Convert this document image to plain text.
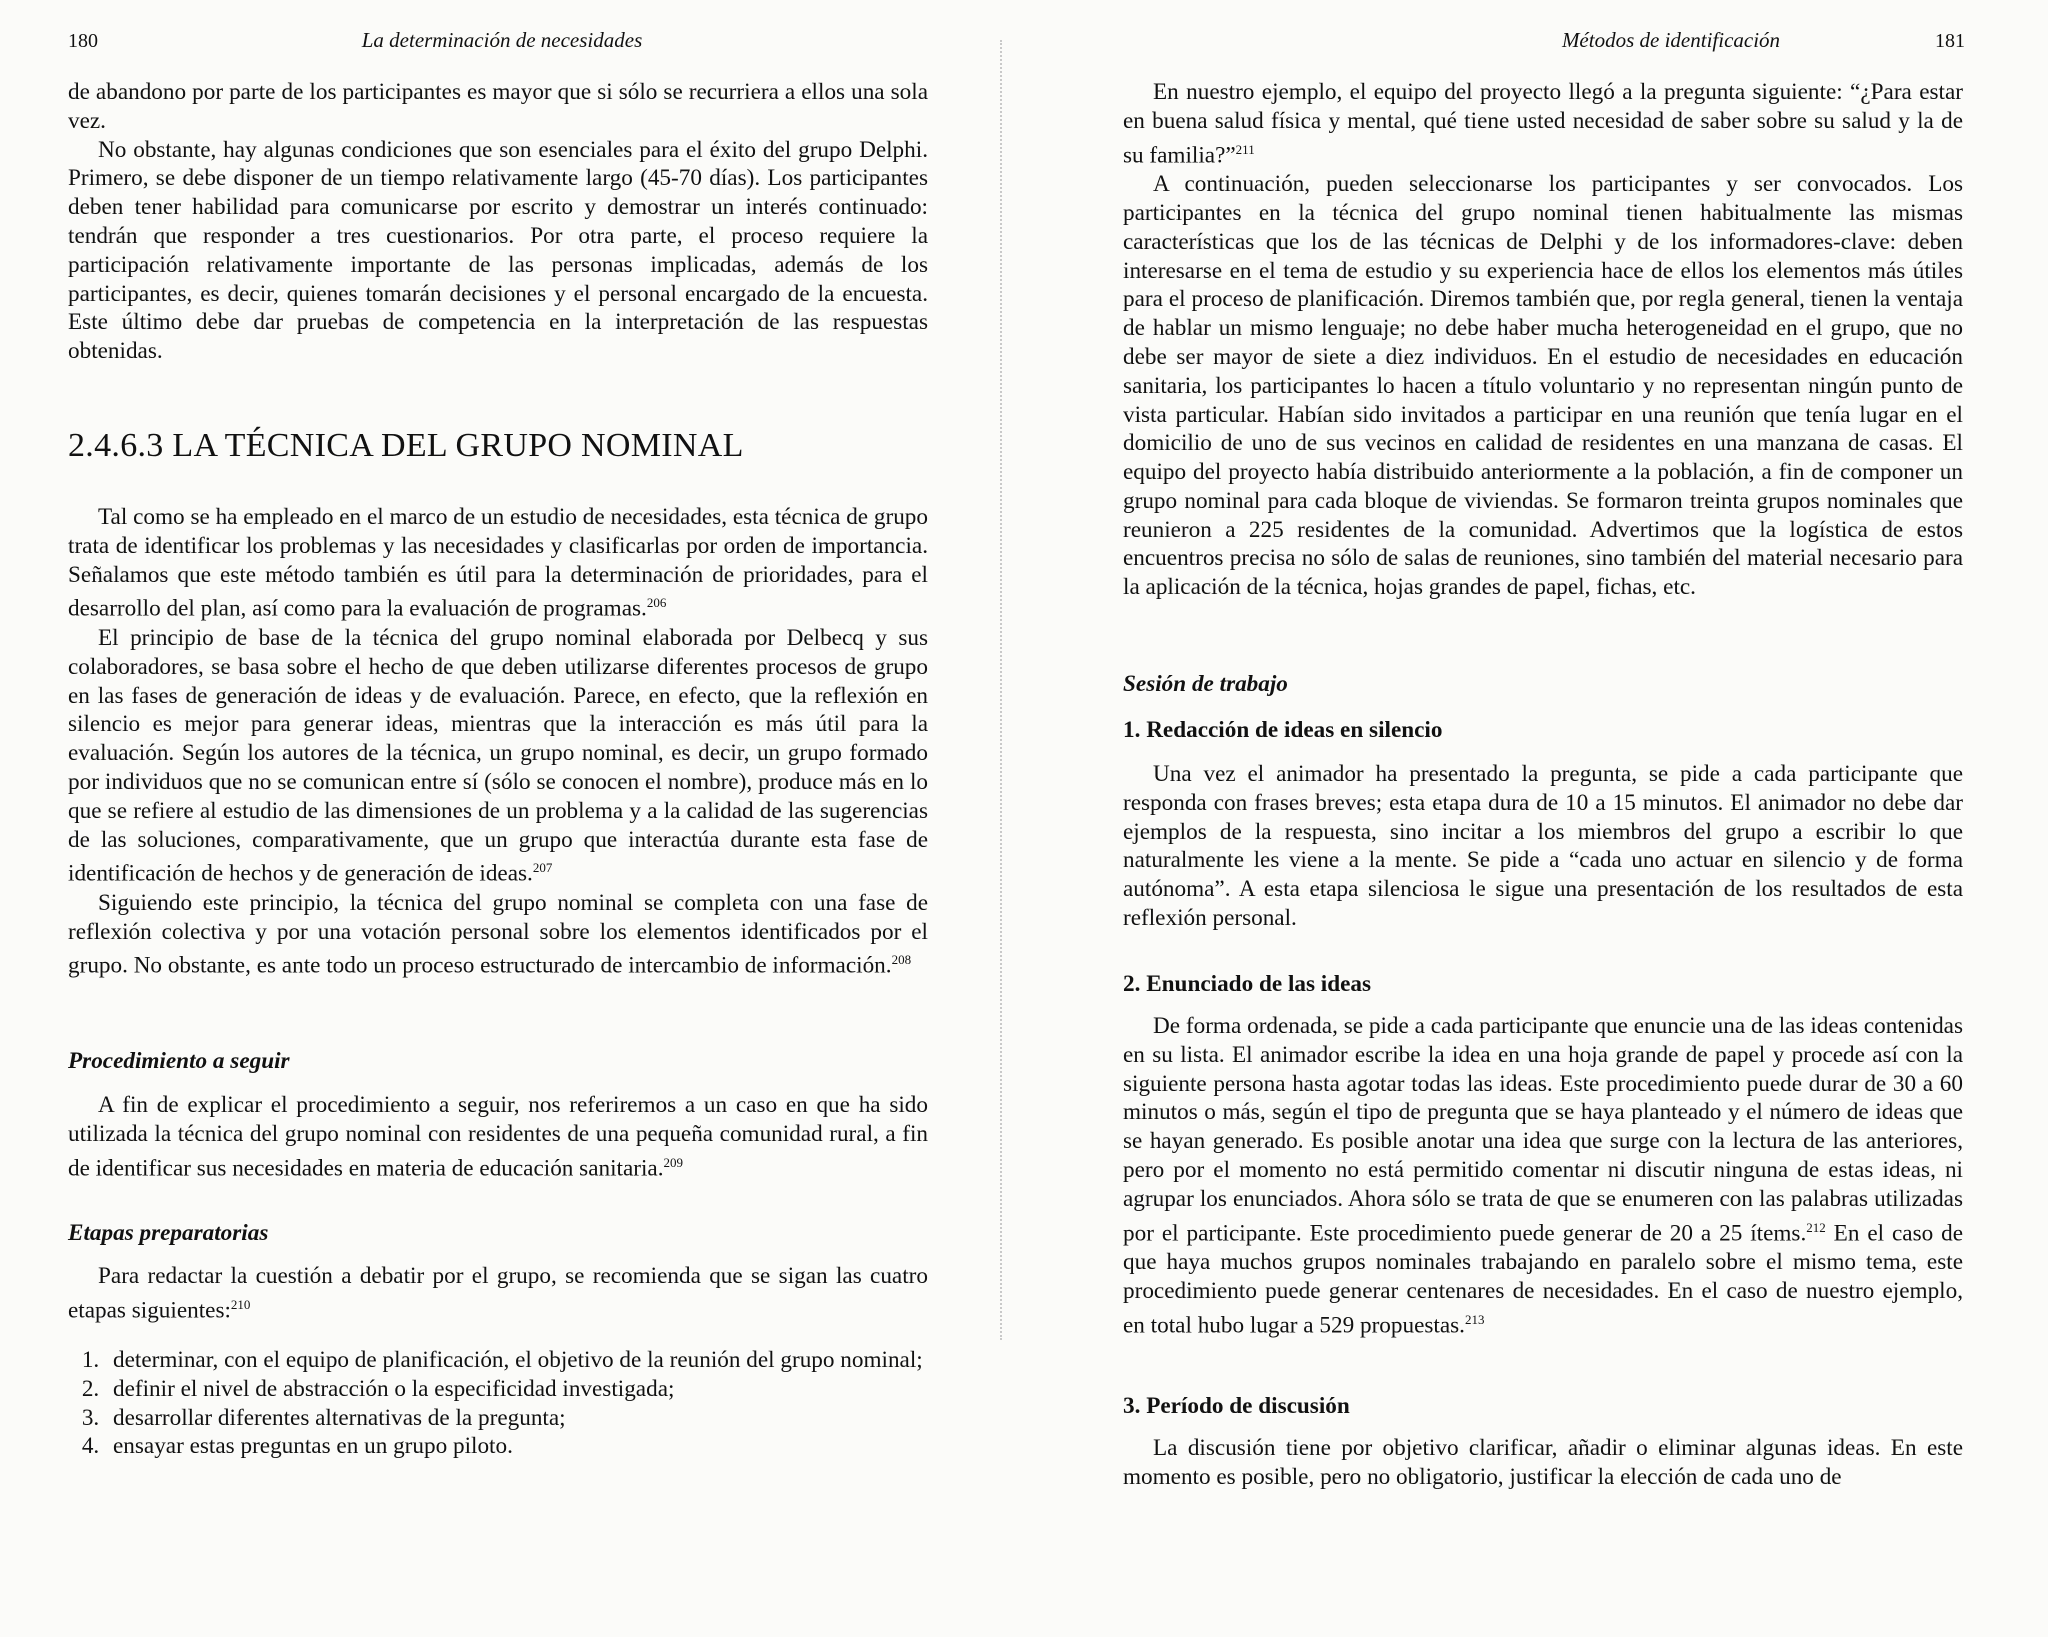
180	La determinación de necesidades

de abandono por parte de los participantes es mayor que si sólo se recurriera a ellos una sola vez.

No obstante, hay algunas condiciones que son esenciales para el éxito del grupo Delphi. Primero, se debe disponer de un tiempo relativamente largo (45-70 días). Los participantes deben tener habilidad para comunicarse por escrito y demostrar un interés continuado: tendrán que responder a tres cuestionarios. Por otra parte, el proceso requiere la participación relativamente importante de las personas implicadas, además de los participantes, es decir, quienes tomarán decisiones y el personal encargado de la encuesta. Este último debe dar pruebas de competencia en la interpretación de las respuestas obtenidas.

2.4.6.3 LA TÉCNICA DEL GRUPO NOMINAL

Tal como se ha empleado en el marco de un estudio de necesidades, esta técnica de grupo trata de identificar los problemas y las necesidades y clasificarlas por orden de importancia. Señalamos que este método también es útil para la determinación de prioridades, para el desarrollo del plan, así como para la evaluación de programas.$^{206}$

El principio de base de la técnica del grupo nominal elaborada por Delbecq y sus colaboradores, se basa sobre el hecho de que deben utilizarse diferentes procesos de grupo en las fases de generación de ideas y de evaluación. Parece, en efecto, que la reflexión en silencio es mejor para generar ideas, mientras que la interacción es más útil para la evaluación. Según los autores de la técnica, un grupo nominal, es decir, un grupo formado por individuos que no se comunican entre sí (sólo se conocen el nombre), produce más en lo que se refiere al estudio de las dimensiones de un problema y a la calidad de las sugerencias de las soluciones, comparativamente, que un grupo que interactúa durante esta fase de identificación de hechos y de generación de ideas.$^{207}$

Siguiendo este principio, la técnica del grupo nominal se completa con una fase de reflexión colectiva y por una votación personal sobre los elementos identificados por el grupo. No obstante, es ante todo un proceso estructurado de intercambio de información.$^{208}$

Procedimiento a seguir

A fin de explicar el procedimiento a seguir, nos referiremos a un caso en que ha sido utilizada la técnica del grupo nominal con residentes de una pequeña comunidad rural, a fin de identificar sus necesidades en materia de educación sanitaria.$^{209}$

Etapas preparatorias

Para redactar la cuestión a debatir por el grupo, se recomienda que se sigan las cuatro etapas siguientes:$^{210}$

1. determinar, con el equipo de planificación, el objetivo de la reunión del grupo nominal;
2. definir el nivel de abstracción o la especificidad investigada;
3. desarrollar diferentes alternativas de la pregunta;
4. ensayar estas preguntas en un grupo piloto.
Métodos de identificación	181

En nuestro ejemplo, el equipo del proyecto llegó a la pregunta siguiente: “¿Para estar en buena salud física y mental, qué tiene usted necesidad de saber sobre su salud y la de su familia?”$^{211}$

A continuación, pueden seleccionarse los participantes y ser convocados. Los participantes en la técnica del grupo nominal tienen habitualmente las mismas características que los de las técnicas de Delphi y de los informadores-clave: deben interesarse en el tema de estudio y su experiencia hace de ellos los elementos más útiles para el proceso de planificación. Diremos también que, por regla general, tienen la ventaja de hablar un mismo lenguaje; no debe haber mucha heterogeneidad en el grupo, que no debe ser mayor de siete a diez individuos. En el estudio de necesidades en educación sanitaria, los participantes lo hacen a título voluntario y no representan ningún punto de vista particular. Habían sido invitados a participar en una reunión que tenía lugar en el domicilio de uno de sus vecinos en calidad de residentes en una manzana de casas. El equipo del proyecto había distribuido anteriormente a la población, a fin de componer un grupo nominal para cada bloque de viviendas. Se formaron treinta grupos nominales que reunieron a 225 residentes de la comunidad. Advertimos que la logística de estos encuentros precisa no sólo de salas de reuniones, sino también del material necesario para la aplicación de la técnica, hojas grandes de papel, fichas, etc.

Sesión de trabajo
1. Redacción de ideas en silencio

Una vez el animador ha presentado la pregunta, se pide a cada participante que responda con frases breves; esta etapa dura de 10 a 15 minutos. El animador no debe dar ejemplos de la respuesta, sino incitar a los miembros del grupo a escribir lo que naturalmente les viene a la mente. Se pide a “cada uno actuar en silencio y de forma autónoma”. A esta etapa silenciosa le sigue una presentación de los resultados de esta reflexión personal.

2. Enunciado de las ideas

De forma ordenada, se pide a cada participante que enuncie una de las ideas contenidas en su lista. El animador escribe la idea en una hoja grande de papel y procede así con la siguiente persona hasta agotar todas las ideas. Este procedimiento puede durar de 30 a 60 minutos o más, según el tipo de pregunta que se haya planteado y el número de ideas que se hayan generado. Es posible anotar una idea que surge con la lectura de las anteriores, pero por el momento no está permitido comentar ni discutir ninguna de estas ideas, ni agrupar los enunciados. Ahora sólo se trata de que se enumeren con las palabras utilizadas por el participante. Este procedimiento puede generar de 20 a 25 ítems.$^{212}$ En el caso de que haya muchos grupos nominales trabajando en paralelo sobre el mismo tema, este procedimiento puede generar centenares de necesidades. En el caso de nuestro ejemplo, en total hubo lugar a 529 propuestas.$^{213}$

3. Período de discusión

La discusión tiene por objetivo clarificar, añadir o eliminar algunas ideas. En este momento es posible, pero no obligatorio, justificar la elección de cada uno de
